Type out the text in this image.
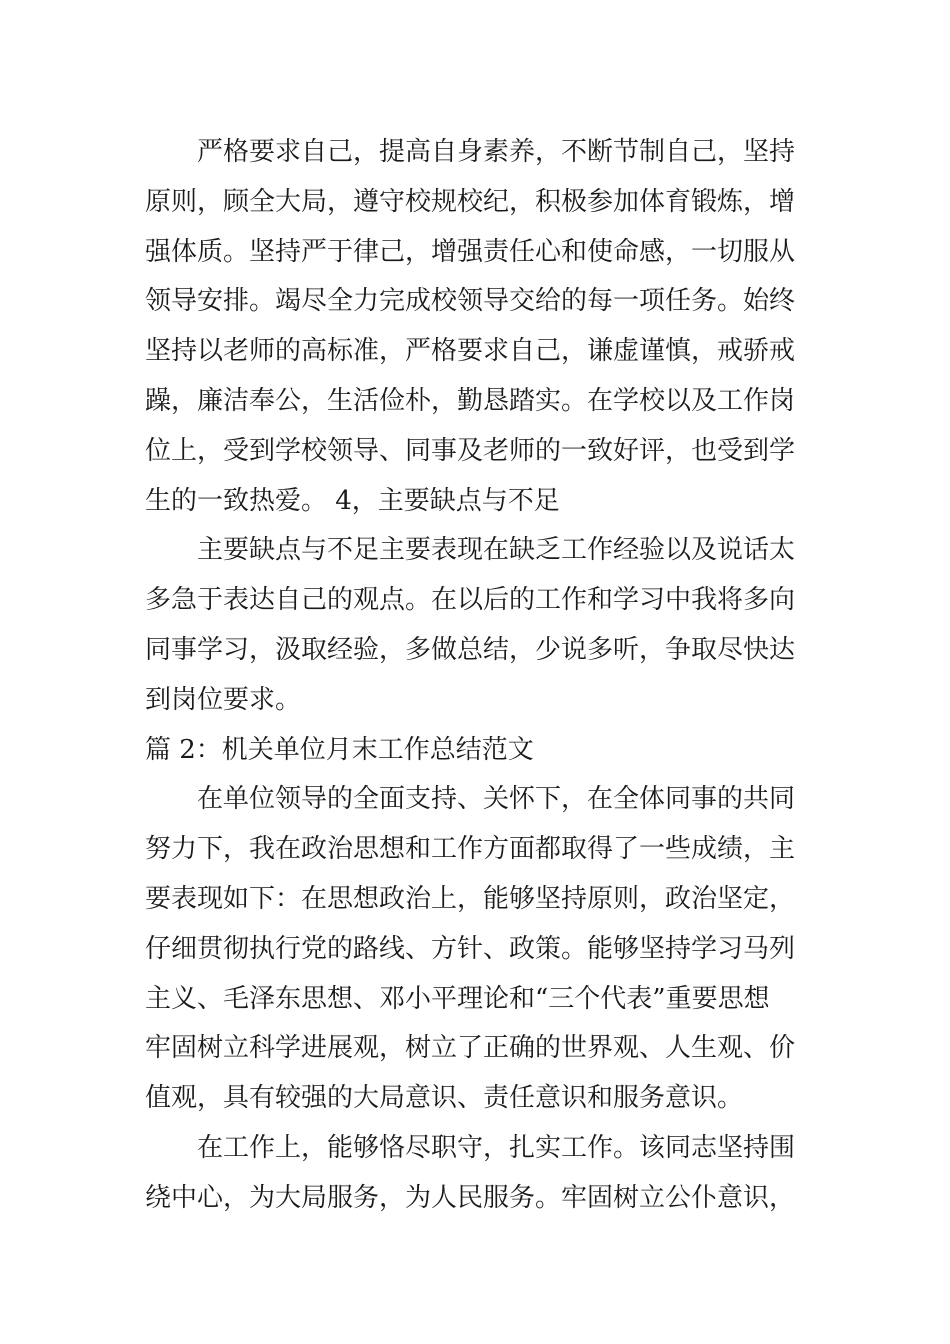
严格要求自己，提高自身素养，不断节制自己，坚持
原则，顾全大局，遵守校规校纪，积极参加体育锻炼，增
强体质。坚持严于律己，增强责任心和使命感，一切服从
领导安排。竭尽全力完成校领导交给的每一项任务。始终
坚持以老师的高标准，严格要求自己，谦虚谨慎，戒骄戒
躁，廉洁奉公，生活俭朴，勤恳踏实。在学校以及工作岗
位上，受到学校领导、同事及老师的一致好评，也受到学
生的一致热爱。 4，主要缺点与不足
主要缺点与不足主要表现在缺乏工作经验以及说话太
多急于表达自己的观点。在以后的工作和学习中我将多向
同事学习，汲取经验，多做总结，少说多听，争取尽快达
到岗位要求。
篇 2：机关单位月末工作总结范文
在单位领导的全面支持、关怀下，在全体同事的共同
努力下，我在政治思想和工作方面都取得了一些成绩，主
要表现如下：在思想政治上，能够坚持原则，政治坚定，
仔细贯彻执行党的路线、方针、政策。能够坚持学习马列
主义、毛泽东思想、邓小平理论和“三个代表”重要思想
牢固树立科学进展观，树立了正确的世界观、人生观、价
值观，具有较强的大局意识、责任意识和服务意识。
在工作上，能够恪尽职守，扎实工作。该同志坚持围
绕中心，为大局服务，为人民服务。牢固树立公仆意识，
